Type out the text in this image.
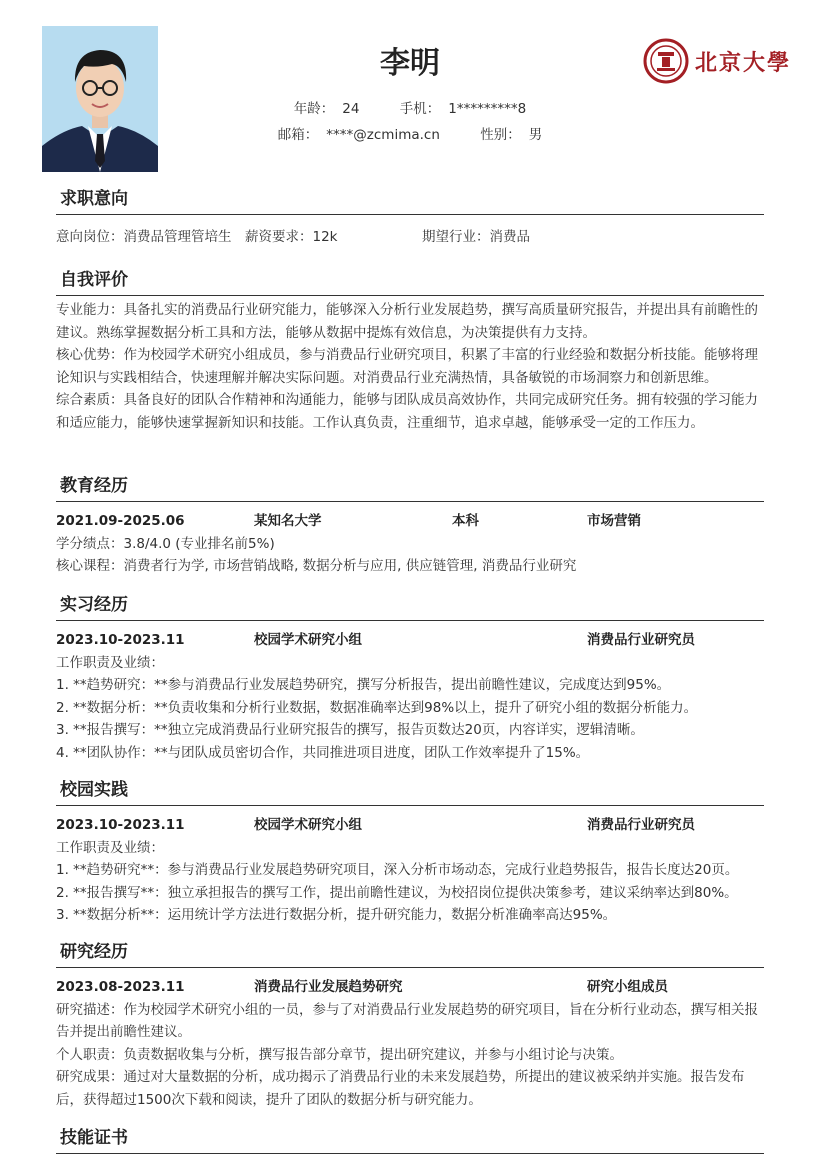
李明
年龄： 24	手机： 1*********8
邮箱： ****@zcmima.cn	性别： 男
北京大學
求职意向
意向岗位：消费品管理管培生 薪资要求：12k	期望行业：消费品
自我评价

专业能力：具备扎实的消费品行业研究能力，能够深入分析行业发展趋势，撰写高质量研究报告，并提出具有前瞻性的建议。熟练掌握数据分析工具和方法，能够从数据中提炼有效信息，为决策提供有力支持。

核心优势：作为校园学术研究小组成员，参与消费品行业研究项目，积累了丰富的行业经验和数据分析技能。能够将理论知识与实践相结合，快速理解并解决实际问题。对消费品行业充满热情，具备敏锐的市场洞察力和创新思维。

综合素质：具备良好的团队合作精神和沟通能力，能够与团队成员高效协作，共同完成研究任务。拥有较强的学习能力和适应能力，能够快速掌握新知识和技能。工作认真负责，注重细节，追求卓越，能够承受一定的工作压力。

教育经历
2021.09-2025.06	某知名大学	本科	市场营销
学分绩点：3.8/4.0 (专业排名前5%)
核心课程：消费者行为学, 市场营销战略, 数据分析与应用, 供应链管理, 消费品行业研究
实习经历
2023.10-2023.11	校园学术研究小组	消费品行业研究员
工作职责及业绩：
1. **趋势研究：**参与消费品行业发展趋势研究，撰写分析报告，提出前瞻性建议，完成度达到95%。
2. **数据分析：**负责收集和分析行业数据，数据准确率达到98%以上，提升了研究小组的数据分析能力。
3. **报告撰写：**独立完成消费品行业研究报告的撰写，报告页数达20页，内容详实，逻辑清晰。
4. **团队协作：**与团队成员密切合作，共同推进项目进度，团队工作效率提升了15%。
校园实践
2023.10-2023.11	校园学术研究小组	消费品行业研究员
工作职责及业绩：
1. **趋势研究**：参与消费品行业发展趋势研究项目，深入分析市场动态，完成行业趋势报告，报告长度达20页。
2. **报告撰写**：独立承担报告的撰写工作，提出前瞻性建议，为校招岗位提供决策参考，建议采纳率达到80%。
3. **数据分析**：运用统计学方法进行数据分析，提升研究能力，数据分析准确率高达95%。
研究经历
2023.08-2023.11	消费品行业发展趋势研究	研究小组成员

研究描述：作为校园学术研究小组的一员，参与了对消费品行业发展趋势的研究项目，旨在分析行业动态，撰写相关报告并提出前瞻性建议。

个人职责：负责数据收集与分析，撰写报告部分章节，提出研究建议，并参与小组讨论与决策。

研究成果：通过对大量数据的分析，成功揭示了消费品行业的未来发展趋势，所提出的建议被采纳并实施。报告发布后，获得超过1500次下载和阅读，提升了团队的数据分析与研究能力。

技能证书
